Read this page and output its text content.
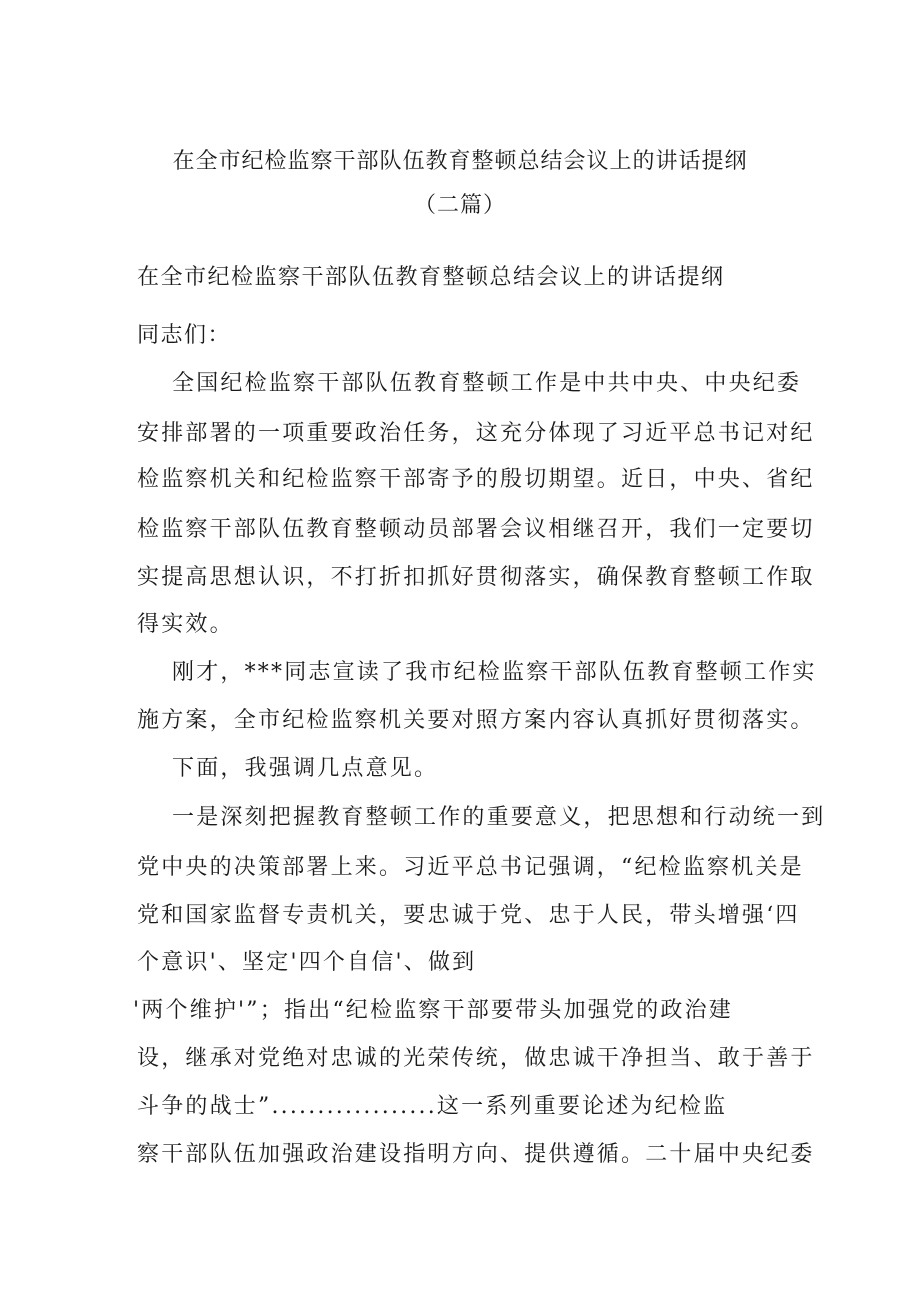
在全市纪检监察干部队伍教育整顿总结会议上的讲话提纲
（二篇）

在全市纪检监察干部队伍教育整顿总结会议上的讲话提纲

同志们：

全国纪检监察干部队伍教育整顿工作是中共中央、中央纪委

安排部署的一项重要政治任务，这充分体现了习近平总书记对纪

检监察机关和纪检监察干部寄予的殷切期望。近日，中央、省纪

检监察干部队伍教育整顿动员部署会议相继召开，我们一定要切

实提高思想认识，不打折扣抓好贯彻落实，确保教育整顿工作取

得实效。

刚才，***同志宣读了我市纪检监察干部队伍教育整顿工作实

施方案，全市纪检监察机关要对照方案内容认真抓好贯彻落实。

下面，我强调几点意见。

一是深刻把握教育整顿工作的重要意义，把思想和行动统一到

党中央的决策部署上来。习近平总书记强调，“纪检监察机关是

党和国家监督专责机关，要忠诚于党、忠于人民，带头增强‘四

个意识'、坚定'四个自信'、做到

'两个维护'”；指出“纪检监察干部要带头加强党的政治建

设，继承对党绝对忠诚的光荣传统，做忠诚干净担当、敢于善于

斗争的战士”..................这一系列重要论述为纪检监

察干部队伍加强政治建设指明方向、提供遵循。二十届中央纪委
